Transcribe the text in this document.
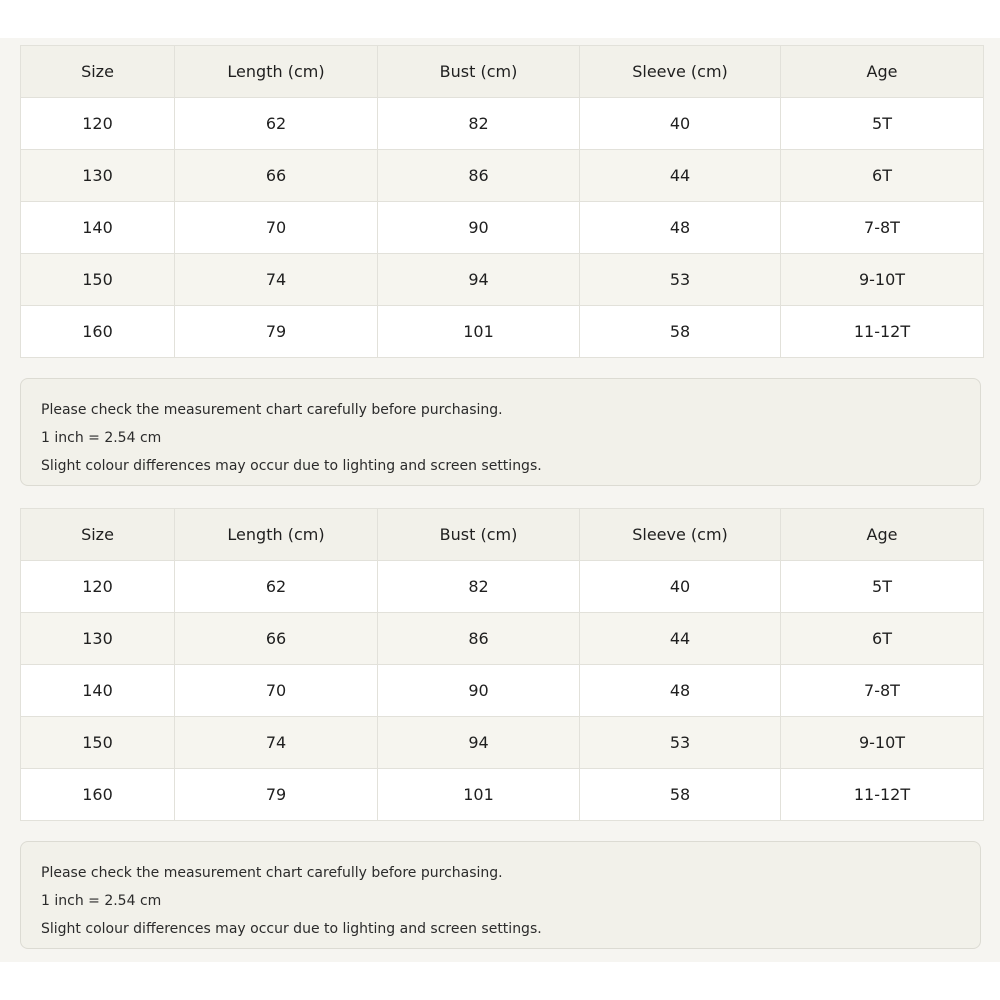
Size	Length (cm)	Bust (cm)	Sleeve (cm)	Age
120	62	82	40	5T
130	66	86	44	6T
140	70	90	48	7-8T
150	74	94	53	9-10T
160	79	101	58	11-12T
Please check the measurement chart carefully before purchasing.
1 inch = 2.54 cm
Slight colour differences may occur due to lighting and screen settings.
Size	Length (cm)	Bust (cm)	Sleeve (cm)	Age
120	62	82	40	5T
130	66	86	44	6T
140	70	90	48	7-8T
150	74	94	53	9-10T
160	79	101	58	11-12T
Please check the measurement chart carefully before purchasing.
1 inch = 2.54 cm
Slight colour differences may occur due to lighting and screen settings.
